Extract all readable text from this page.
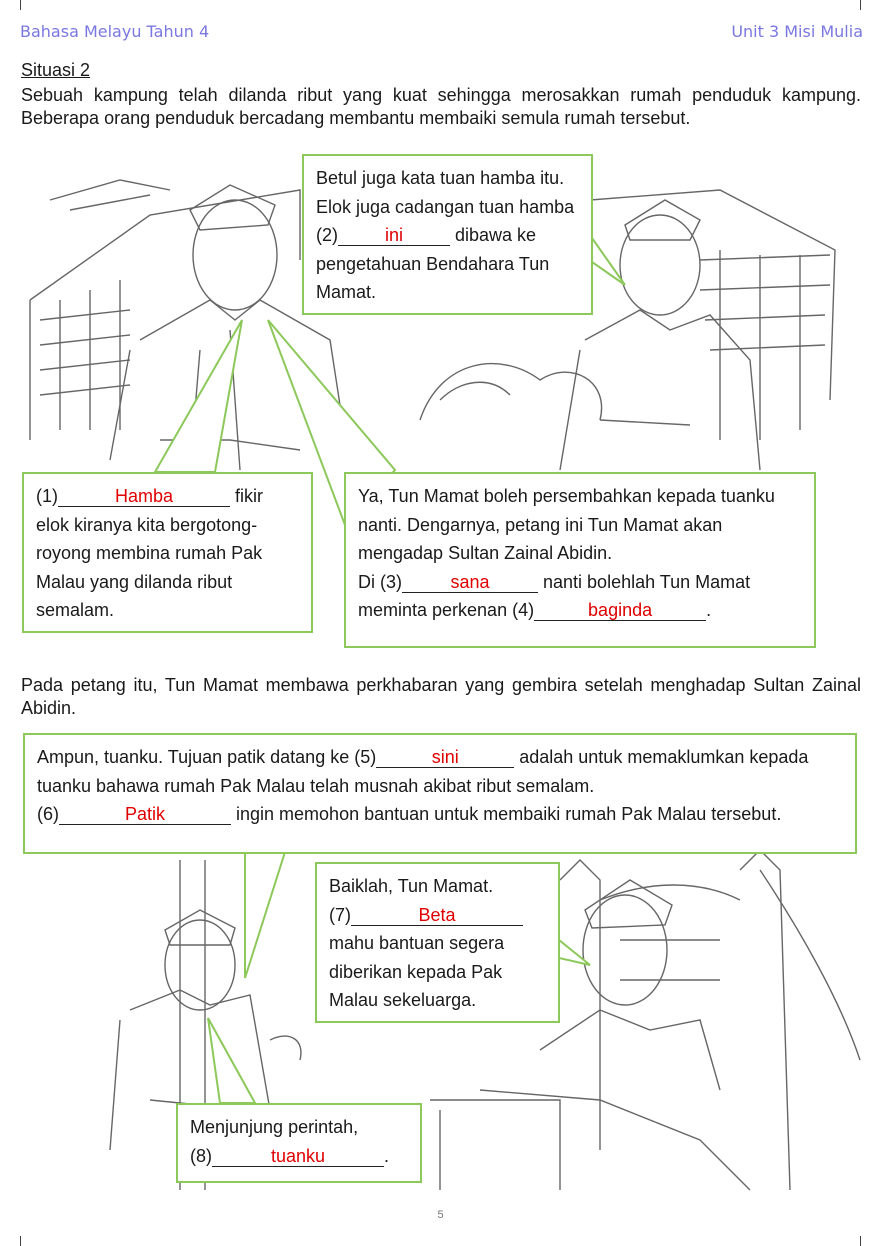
Bahasa Melayu Tahun 4	Unit 3 Misi Mulia
Situasi 2
Sebuah kampung telah dilanda ribut yang kuat sehingga merosakkan rumah penduduk kampung. Beberapa orang penduduk bercadang membantu membaiki semula rumah tersebut.
Betul juga kata tuan hamba itu. Elok juga cadangan tuan hamba (2)	ini	dibawa ke pengetahuan Bendahara Tun Mamat.
(1)	Hamba	fikir elok kiranya kita bergotong-royong membina rumah Pak Malau yang dilanda ribut semalam.
Ya, Tun Mamat boleh persembahkan kepada tuanku nanti. Dengarnya, petang ini Tun Mamat akan mengadap Sultan Zainal Abidin.
Di (3)	sana	nanti bolehlah Tun Mamat meminta perkenan (4)	baginda	.
Pada petang itu, Tun Mamat membawa perkhabaran yang gembira setelah menghadap Sultan Zainal Abidin.
Ampun, tuanku. Tujuan patik datang ke (5)	sini	adalah untuk memaklumkan kepada tuanku bahawa rumah Pak Malau telah musnah akibat ribut semalam.
(6)	Patik	ingin memohon bantuan untuk membaiki rumah Pak Malau tersebut.
Baiklah, Tun Mamat.
(7)	Beta
mahu bantuan segera diberikan kepada Pak Malau sekeluarga.
Menjunjung perintah,
(8)	tuanku	.
5
